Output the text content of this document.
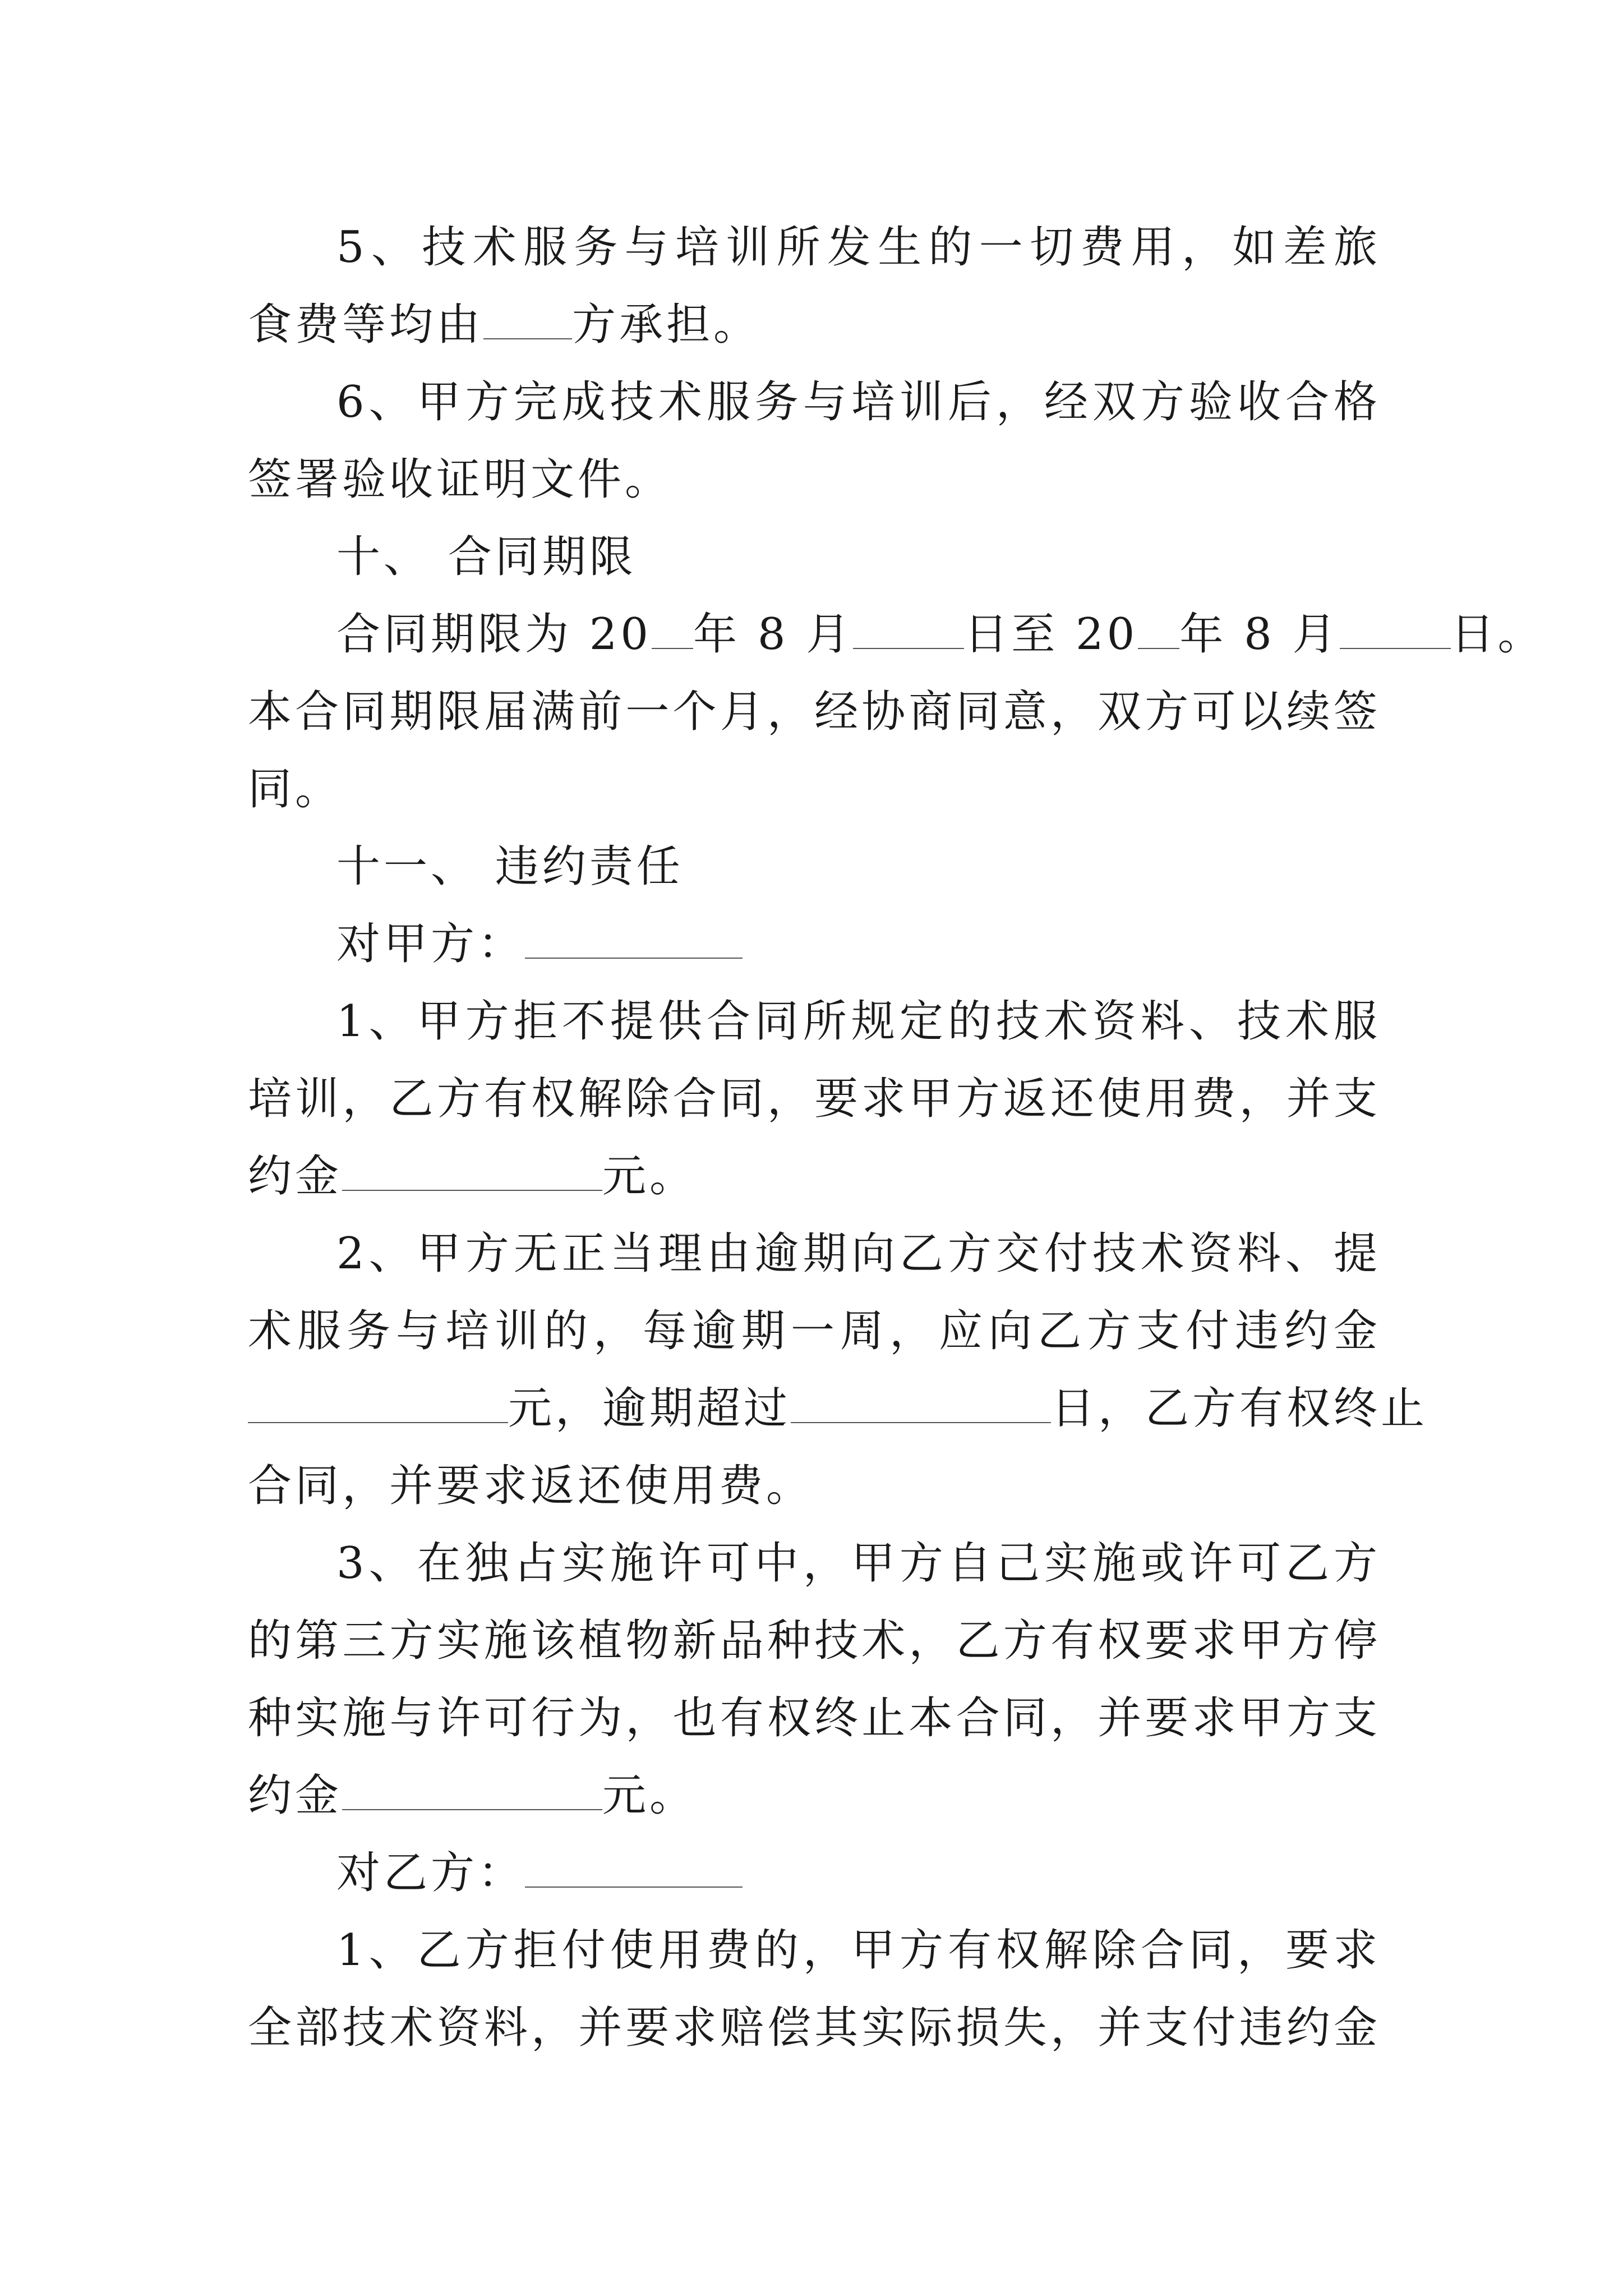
5、技术服务与培训所发生的一切费用，如差旅
食费等均由 方承担。
6、甲方完成技术服务与培训后，经双方验收合格
签署验收证明文件。
十、 合同期限
合同期限为 20 年 8 月	日至 20 年 8 月	日。
本合同期限届满前一个月，经协商同意，双方可以续签
同。
十一、 违约责任
对甲方：
1、甲方拒不提供合同所规定的技术资料、技术服
培训，乙方有权解除合同，要求甲方返还使用费，并支
约金	元。
2、甲方无正当理由逾期向乙方交付技术资料、提
术服务与培训的，每逾期一周，应向乙方支付违约金
元，逾期超过	日，乙方有权终止
合同，并要求返还使用费。
3、在独占实施许可中，甲方自己实施或许可乙方
的第三方实施该植物新品种技术，乙方有权要求甲方停
种实施与许可行为，也有权终止本合同，并要求甲方支
约金	元。
对乙方：
1、乙方拒付使用费的，甲方有权解除合同，要求
全部技术资料，并要求赔偿其实际损失，并支付违约金
